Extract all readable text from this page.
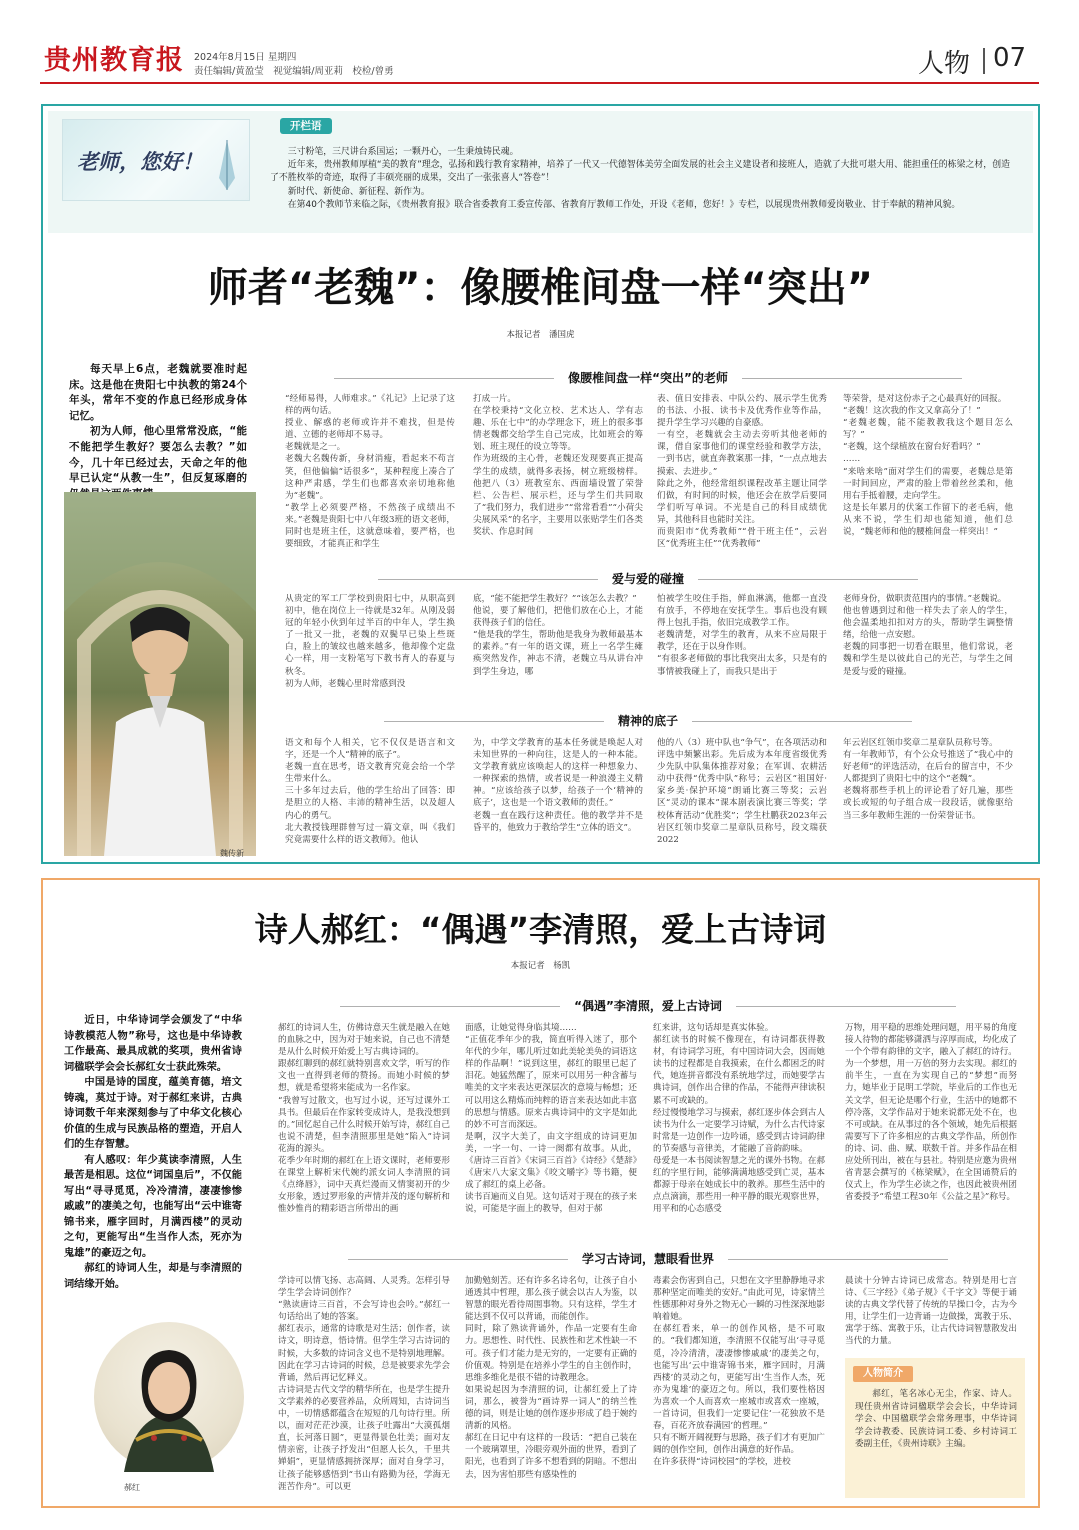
贵州教育报 2024年8月15日 星期四
责任编辑/黄盈莹　视觉编辑/周亚莉　校检/曾勇	人物 07
老师，您好！
开栏语

三寸粉笔，三尺讲台系国运；一颗丹心，一生秉烛铸民魂。

近年来，贵州教师厚植“美的教育”理念，弘扬和践行教育家精神，培养了一代又一代德智体美劳全面发展的社会主义建设者和接班人，造就了大批可堪大用、能担重任的栋梁之材，创造了不胜枚举的奇迹，取得了丰硕亮丽的成果，交出了一张张喜人“答卷”！

新时代、新使命、新征程、新作为。

在第40个教师节来临之际，《贵州教育报》联合省委教育工委宣传部、省教育厅教师工作处，开设《老师，您好！》专栏，以展现贵州教师爱岗敬业、甘于奉献的精神风貌。

师者“老魏”：像腰椎间盘一样“突出”
本报记者　潘国虎

每天早上6点，老魏就要准时起床。这是他在贵阳七中执教的第24个年头，常年不变的作息已经形成身体记忆。

初为人师，他心里常常没底，“能不能把学生教好？要怎么去教？”如今，几十年已经过去，天命之年的他早已认定“从教一生”，但反复琢磨的

魏传新
像腰椎间盘一样“突出”的老师
“经师易得，人师难求。”《礼记》上记录了这样的两句话。
授业、解惑的老师或许并不难找，但是传道、立德的老师却不易寻。
老魏就是之一。
老魏大名魏传新，身材消瘦，看起来不苟言笑，但他偏偏“话很多”，某种程度上凑合了这种严肃感，学生们也都喜欢亲切地称他为“老魏”。
“教学上必须要严格，不然孩子成绩出不来。”老魏是贵阳七中八年级3班的语文老师，同时也是班主任，这就意味着，要严格，也要细致，才能真正和学生
打成一片。
在学校秉持“文化立校、艺术达人、学有志趣、乐在七中”的办学理念下，班上的很多事情老魏都交给学生自己完成，比如班会的筹划、班主现任的设立等等。
作为班级的主心骨，老魏还发现要真正提高学生的成绩，就得多表扬，树立班级榜样。他把八（3）班教室东、西面墙设置了荣誉栏、公告栏、展示栏，还与学生们共同取了“我们努力，我们进步”“常常看看”“小荷尖尖展风采”的名字，主要用以张贴学生们各类奖状、作息时间
表、值日安排表、中队公约、展示学生优秀的书法、小报、读书卡及优秀作业等作品，提升学生学习兴趣的自豪感。
一有空，老魏就会主动去旁听其他老师的课，借自家事他们的课堂经验和教学方法，一到书店，就直奔教案那一排，“一点点地去摸索、去进步。”
除此之外，他经常组织课程改革主题让同学们做，有时间的时候，他还会在放学后要同学们听写单词。不光是自己的科目成绩优异，其他科目也能时关注。
而贵阳市“优秀教师”“骨干班主任”，云岩区“优秀班主任”“优秀教师”
等荣誉，是对这份赤子之心最真好的回报。
“老魏！这次我的作文又拿高分了！”
“老魏老魏，能不能教教我这个题目怎么写？”
“老魏，这个绿植放在窗台好看吗？”
……
“来啥来啥”面对学生们的需要，老魏总是第一时间回应，严肃的脸上带着丝丝柔和，他用右手抵着腰，走向学生。
这是长年累月的伏案工作留下的老毛病，他从来不说，学生们却也能知道，他们总说，“魏老师和他的腰椎间盘一样突出！”
爱与爱的碰撞
从贵定的军工厂学校到贵阳七中，从职高到初中，他在岗位上一待就是32年。从刚及弱冠的年轻小伙到年过半百的中年人，学生换了一批又一批，老魏的双鬓早已染上些斑白，脸上的皱纹也越来越多，他却像个定盘心一样，用一支粉笔写下教书育人的春夏与秋冬。
初为人师，老魏心里时常感到没
底，“能不能把学生教好？”“该怎么去教？”
他说，要了解他们，把他们放在心上，才能获得孩子们的信任。
“他是我的学生，帮助他是我身为教师最基本的素养。”有一年的语文课，班上一名学生瘫痪突然发作，神志不清，老魏立马从讲台冲到学生身边，哪
怕被学生咬住手指，鲜血淋漓，他都一直没有放手，不停地在安抚学生。事后也没有顾得上包扎手指，依旧完成教学工作。
老魏清楚，对学生的教育，从来不应局限于教学，还在于以身作则。
“有很多老师做的事比我突出太多，只是有的事情被我碰上了，而我只是出于
老师身份，做职责范围内的事情。”老魏说。
他也曾遇到过和他一样失去了亲人的学生，他会温柔地扣扣对方的头，帮助学生调整情绪，给他一点安慰。
老魏的同事把一切看在眼里，他们常说，老魏和学生是以彼此自己的光芒，与学生之间是爱与爱的碰撞。
精神的底子
语文和每个人相关，它不仅仅是语言和文字，还是一个人“精神的底子”。
老魏一直在思考，语文教育究竟会给一个学生带来什么。
三十多年过去后，他的学生给出了回答：即是胆立的人格、丰沛的精神生活，以及超人内心的勇气。
北大教授钱理群曾写过一篇文章，叫《我们究竟需要什么样的语文教师》。他认
为，中学文学教育的基本任务就是唤起人对未知世界的一种向往，这是人的一种本能。文学教育就应该唤起人的这样一种想象力、一种探索的热情，或者说是一种浪漫主义精神。“应该给孩子以梦，给孩子一个‘精神的底子’，这也是一个语文教师的责任。”
老魏一直在践行这种责任。他的教学并不是昏平的，他致力于教给学生“立体的语文”。
他的八（3）班中队也“争气”，在各项活动和评选中频繁出彩。先后成为本年度省级优秀少先队中队集体推荐对象；在军训、农耕活动中获得“优秀中队”称号；云岩区“祖国好·家乡美·保护环境”朗诵比赛三等奖；云岩区“灵动的课本”课本剧表演比赛三等奖；学校体育活动“优胜奖”；学生杜鹏获2023年云岩区红领巾奖章二星章队员称号，段文瑞获2022
年云岩区红领巾奖章二星章队员称号等。
有一年教师节，有个公众号推送了“我心中的好老师”的评选活动，在后台的留言中，不少人都提到了贵阳七中的这个“老魏”。
老魏将那些手机上的评论看了好几遍，那些或长或短的句子组合成一段段话，就像驱给当三多年教师生涯的一份荣誉证书。
诗人郝红：“偶遇”李清照，爱上古诗词
本报记者　杨凯

近日，中华诗词学会颁发了“中华诗教模范人物”称号，这也是中华诗教工作最高、最具成就的奖项，贵州省诗词楹联学会会长郝红女士获此殊荣。

中国是诗的国度，蕴美育德，培文铸魂，莫过于诗。对于郝红来讲，古典诗词数千年来深刻参与了中华文化核心价值的生成与民族品格的塑造，开启人们的生存智慧。

有人感叹：年少莫读李清照，人生最苦是相思。这位“词国皇后”，不仅能写出“寻寻觅觅，冷冷清清，凄凄惨惨戚戚”的凄美之句，也能写出“云中谁寄锦书来，雁字回时，月满西楼”的灵动之句，更能写出“生当作人杰，死亦为鬼雄”的豪迈之句。

郝红的诗词人生，却是与李清照的词结缘开始。

郝红
“偶遇”李清照，爱上古诗词
郝红的诗词人生，仿佛诗意天生就是融入在她的血脉之中，因为对于她来说，自己也不清楚是从什么时候开始爱上写古典诗词的。
跟郝红聊到的郝红就特别喜欢文学，听写的作文也一直得到老师的赞扬。而她小时候的梦想，就是希望将来能成为一名作家。
“我曾写过散文，也写过小说，还写过课外工具书。但最后在作家转变成诗人，是我没想到的。”回忆起自己什么时候开始写诗，郝红自己也说不清楚，但李清照那里是她“陷入”诗词花海的源头。
花季少年时期的郝红在上语文课时，老师要形在课堂上解析宋代婉约派女词人李清照的词《点绛唇》，词中天真烂漫而又情窦初开的少女形象，透过罗形象的声情并茂的逐句解析和惟妙惟肖的精彩语言所带出的画
面感，让她觉得身临其境……
“正值花季年少的我，简直听得入迷了，那个年代的少年，哪儿听过如此美轮美奂的词语这样的作品啊！”说到这里，郝红的眼里已起了泪花。她猛然醒了，原来可以用另一种含蓄与唯美的文字来表达更深层次的意境与畅想；还可以用这么精炼而纯粹的语言来表达如此丰富的思想与情感。原来古典诗词中的文字是如此的妙不可言而深远。
是啊，汉字大美了，由文字组成的诗词更加美，一字一句、一诗一阕都有故事。从此，《唐诗三百首》《宋词三百首》《诗经》《楚辞》《唐宋八大家文集》《咬文嚼字》等书籍，便成了郝红的桌上必备。
读书百遍而义自见。这句话对于现在的孩子来说，可能是字面上的教导，但对于郝
红来讲，这句话却是真实体验。
郝红读书的时候不像现在，有诗词都获得教材，有诗词学习班，有中国诗词大会，因而她读书的过程都是自我摸索，在什么都困乏的时代，她连拼音都没有系统地学过，而她要学古典诗词，创作出合律的作品，不能得声律读积累不可或缺的。
经过慢慢地学习与摸索，郝红逐步体会到古人读书为什么一定要学习诗赋，为什么古代诗家时常是一边创作一边吟诵，感受到古诗词韵律的节奏感与音律美，才能融了音韵韵味。
母爱是一本书阅读智慧之光的课外书物。在郝红的字里行间，能够满满地感受到亡灵，基本都源于母亲在她成长中的教养。那些生活中的点点滴滴，那些用一种平静的眼光观察世界，用平和的心态感受
万物，用平稳的思维处理问题，用平易的角度接人待物的都能够潇洒与淳厚而成，均化成了一个个带有韵律的文字，融入了郝红的诗行。
为一个梦想，用一万倍的努力去实现。郝红的前半生，一直在为实现自己的“梦想”而努力，她毕业于昆明工学院，毕业后的工作也无关文学，但无论是哪个行业，生活中的她都不停冷落，文学作品对于她来说都无处不在，也不可或缺。在从事过的各个领域，她先后根据需要写下了许多相应的古典文学作品，所创作的诗、词、曲、赋、联数千首。并多作品在相应处所刊出，被在与县社。特别是应邀为贵州省青瑟会撰写的《栋梁赋》，在全国诵赞后的仪式上，作为学生必读之作，也因此被贵州团省委授予“希望工程30年《公益之星》”称号。
学习古诗词，慧眼看世界
学诗可以情飞扬、志高阔、人灵秀。怎样引导学生学会诗词创作？
“熟读唐诗三百首，不会写诗也会吟。”郝红一句话给出了她的答案。
郝红表示，通常的诗歌是对生活；创作者，读诗文，明诗意，悟诗情。但学生学习古诗词的时候，大多数的诗词含义也不是特别地理解。因此在学习古诗词的时候，总是被要求先学会背诵，然后再记忆释义。
古诗词是古代文学的精华所在，也是学生提升文学素养的必要营养品，众所周知，古诗词当中，一切情感都蕴含在短短的几句诗行里。所以，面对茫茫沙漠，让孩子吐露出“大漠孤烟直，长河落日圆”，更显得景色壮美；面对友情亲密，让孩子抒发出“但愿人长久，千里共婵娟”，更显情感拥挤深厚；面对自身学习，让孩子能够感悟到“书山有路勤为径，学海无涯苦作舟”。可以更
加勤勉刻苦。还有许多名诗名句，让孩子自小通透其中哲理，那么孩子就会以古人为鉴，以智慧的眼光看待周围事物。只有这样，学生才能达到不仅可以背诵，而能创作。
同时，除了熟读背诵外，作品一定要有生命力。思想性、时代性、民族性和艺术性缺一不可。孩子们才能力是无穷的，一定要有正确的价值观。特别是在培养小学生的自主创作时，思维多维化是很不错的诗教理念。
如果说起因为李清照的词，让郝红爱上了诗词，那么，被誉为“画诗界一词人”的纳兰性德的词，则是让她的创作逐步形成了趋于婉约清新的风格。
郝红在日记中有这样的一段话：“把自己装在一个玻璃罩里，冷眼旁观外面的世界，看到了阳光，也看到了许多不想看到的阴暗。不想出去，因为害怕那些有感染性的
毒素会伤害到自己，只想在文字里静静地寻求那种坚定而唯美的安好。”由此可见，诗家情兰性德那种对身外之物无心一瞬的习性深深地影响着她。
在郝红看来，单一的创作风格，是不可取的。“我们都知道，李清照不仅能写出‘寻寻觅觅，冷冷清清，凄凄惨惨戚戚’的凄美之句，也能写出‘云中谁寄锦书来，雁字回时，月满西楼’的灵动之句，更能写出‘生当作人杰，死亦为鬼雄’的豪迈之句。所以，我们要性格因为喜欢一个人而喜欢一座城市或喜欢一座城，一首诗词，但我们一定要记住‘一花独放不是春，百花齐放春满园’的哲理。”
只有不断开阔视野与思路，孩子们才有更加广阔的创作空间，创作出满意的好作品。
在许多获得“诗词校园”的学校，进校
晨读十分钟古诗词已成常态。特别是用七言诗、《三字经》《弟子规》《千字文》等便于诵读的古典文学代替了传统的早操口令，古为今用，让学生们一边背诵一边做操，寓教于乐、寓学于练、寓教于乐，让古代诗词智慧散发出当代的力量。
人物简介
郝红，笔名冰心无尘，作家、诗人。现任贵州省诗词楹联学会会长，中华诗词学会、中国楹联学会常务理事，中华诗词学会诗教委、民族诗词工委、乡村诗词工委副主任，《贵州诗联》主编。
